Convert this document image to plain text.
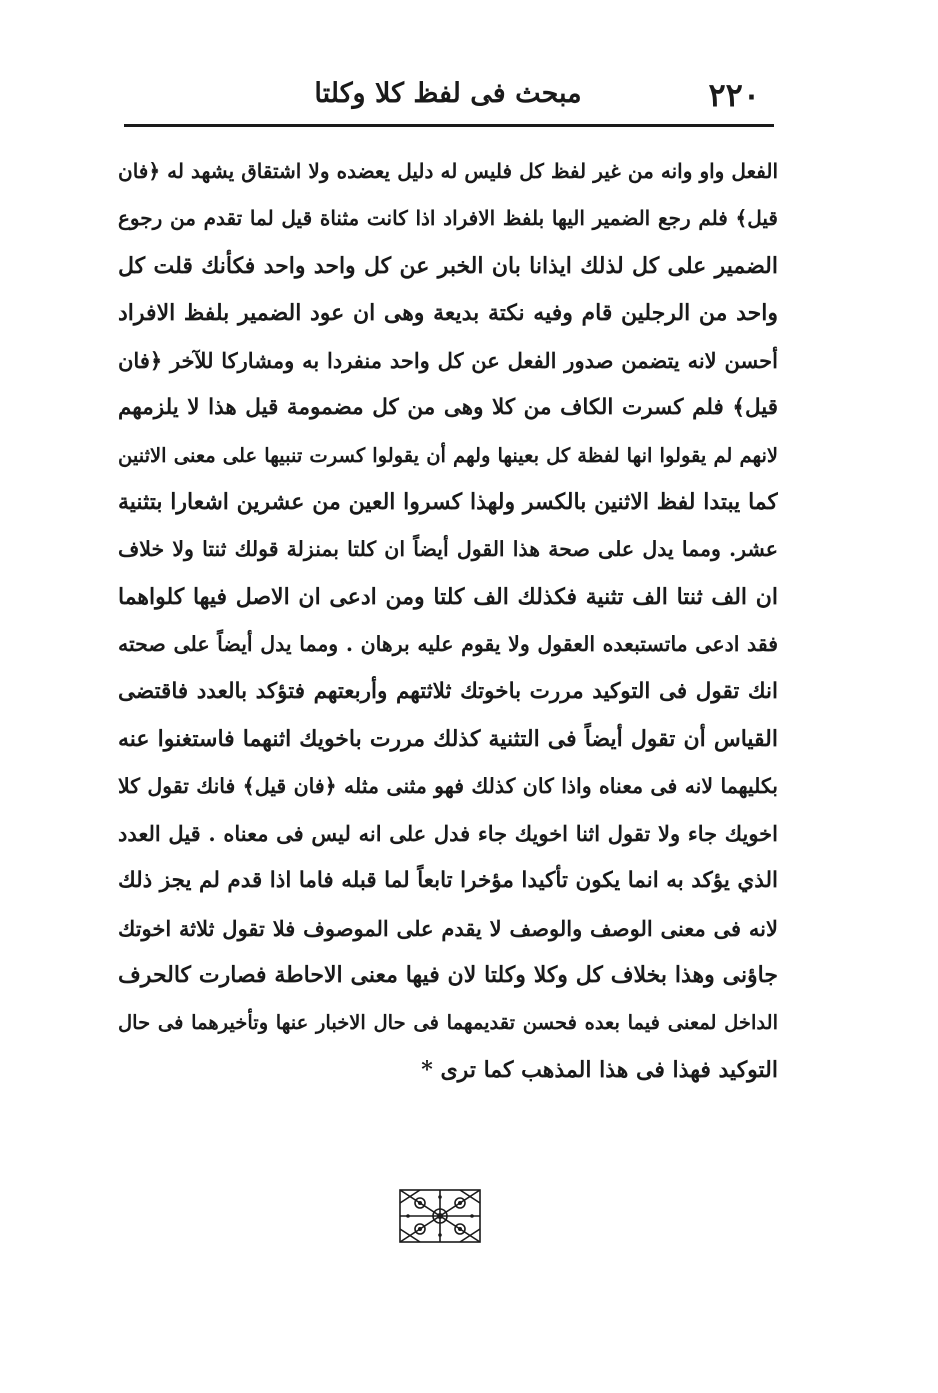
٢٢٠
مبحث فى لفظ كلا وكلتا
الفعل واو وانه من غير لفظ كل فليس له دليل يعضده ولا اشتقاق يشهد له ﴿فان
قيل﴾ فلم رجع الضمير اليها بلفظ الافراد اذا كانت مثناة قيل لما تقدم من رجوع
الضمير على كل لذلك ايذانا بان الخبر عن كل واحد واحد فكأنك قلت كل
واحد من الرجلين قام وفيه نكتة بديعة وهى ان عود الضمير بلفظ الافراد
أحسن لانه يتضمن صدور الفعل عن كل واحد منفردا به ومشاركا للآخر ﴿فان
قيل﴾ فلم كسرت الكاف من كلا وهى من كل مضمومة قيل هذا لا يلزمهم
لانهم لم يقولوا انها لفظة كل بعينها ولهم أن يقولوا كسرت تنبيها على معنى الاثنين
كما يبتدا لفظ الاثنين بالكسر ولهذا كسروا العين من عشرين اشعارا بتثنية
عشر. ومما يدل على صحة هذا القول أيضاً ان كلتا بمنزلة قولك ثنتا ولا خلاف
ان الف ثنتا الف تثنية فكذلك الف كلتا ومن ادعى ان الاصل فيها كلواهما
فقد ادعى ماتستبعده العقول ولا يقوم عليه برهان . ومما يدل أيضاً على صحته
انك تقول فى التوكيد مررت باخوتك ثلاثتهم وأربعتهم فتؤكد بالعدد فاقتضى
القياس أن تقول أيضاً فى التثنية كذلك مررت باخويك اثنهما فاستغنوا عنه
بكليهما لانه فى معناه واذا كان كذلك فهو مثنى مثله ﴿فان قيل﴾ فانك تقول كلا
اخويك جاء ولا تقول اثنا اخويك جاء فدل على انه ليس فى معناه . قيل العدد
الذي يؤكد به انما يكون تأكيدا مؤخرا تابعاً لما قبله فاما اذا قدم لم يجز ذلك
لانه فى معنى الوصف والوصف لا يقدم على الموصوف فلا تقول ثلاثة اخوتك
جاؤنى وهذا بخلاف كل وكلا وكلتا لان فيها معنى الاحاطة فصارت كالحرف
الداخل لمعنى فيما بعده فحسن تقديمهما فى حال الاخبار عنها وتأخيرهما فى حال
التوكيد فهذا فى هذا المذهب كما ترى *
